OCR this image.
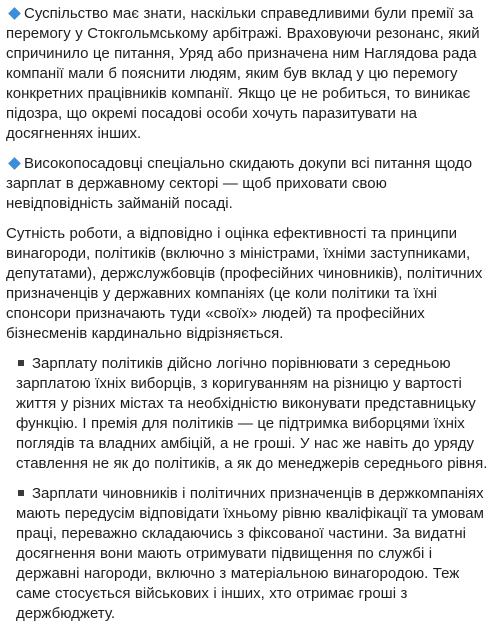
Суспільство має знати, наскільки справедливими були премії за перемогу у Стокгольмському арбітражі. Враховуючи резонанс, який спричинило це питання, Уряд або призначена ним Наглядова рада компанії мали б пояснити людям, яким був вклад у цю перемогу конкретних працівників компанії. Якщо це не робиться, то виникає підозра, що окремі посадові особи хочуть паразитувати на досягненнях інших.

Високопосадовці спеціально скидають докупи всі питання щодо зарплат в державному секторі — щоб приховати свою невідповідність займаній посаді.

Сутність роботи, а відповідно і оцінка ефективності та принципи винагороди, політиків (включно з міністрами, їхніми заступниками, депутатами), держслужбовців (професійних чиновників), політичних призначенців у державних компаніях (це коли політики та їхні спонсори призначають туди «своїх» людей) та професійних бізнесменів кардинально відрізняється.

Зарплату політиків дійсно логічно порівнювати з середньою зарплатою їхніх виборців, з коригуванням на різницю у вартості життя у різних містах та необхідністю виконувати представницьку функцію. І премія для політиків — це підтримка виборцями їхніх поглядів та владних амбіцій, а не гроші. У нас же навіть до уряду ставлення не як до політиків, а як до менеджерів середнього рівня.

Зарплати чиновників і політичних призначенців в держкомпаніях мають передусім відповідати їхньому рівню кваліфікації та умовам праці, переважно складаючись з фіксованої частини. За видатні досягнення вони мають отримувати підвищення по службі і державні нагороди, включно з матеріальною винагородою. Теж саме стосується військових і інших, хто отримає гроші з держбюджету.
